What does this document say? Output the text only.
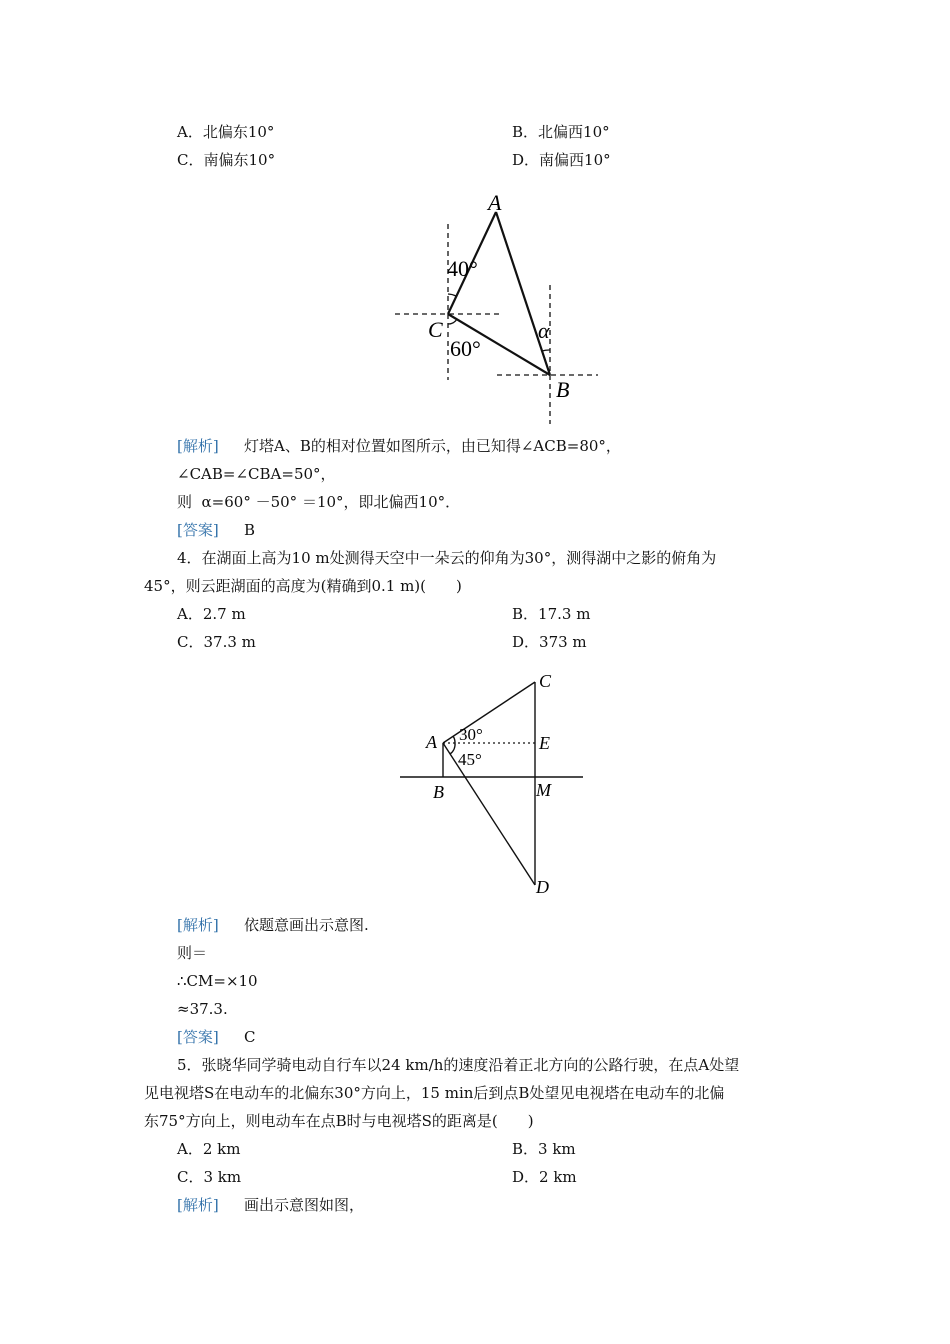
A．北偏东10°	B．北偏西10°
C．南偏东10°	D．南偏西10°
A
40°
C
60°
α
B
[解析] 灯塔A、B的相对位置如图所示，由已知得∠ACB=80°，
∠CAB=∠CBA=50°，
则  α=60° －50° ＝10°，即北偏西10°．
[答案] B
4．在湖面上高为10 m处测得天空中一朵云的仰角为30°，测得湖中之影的俯角为
45°，则云距湖面的高度为(精确到0.1 m)(　　)
A．2.7 m	B．17.3 m
C．37.3 m	D．373 m
A 30°
45°
C
E
B	M
D
[解析] 依题意画出示意图.
则＝
∴CM=×10
≈37.3.
[答案] C
5．张晓华同学骑电动自行车以24 km/h的速度沿着正北方向的公路行驶，在点A处望
见电视塔S在电动车的北偏东30°方向上，15 min后到点B处望见电视塔在电动车的北偏
东75°方向上，则电动车在点B时与电视塔S的距离是(　　)
A．2 km	B．3 km
C．3 km	D．2 km
[解析] 画出示意图如图，
